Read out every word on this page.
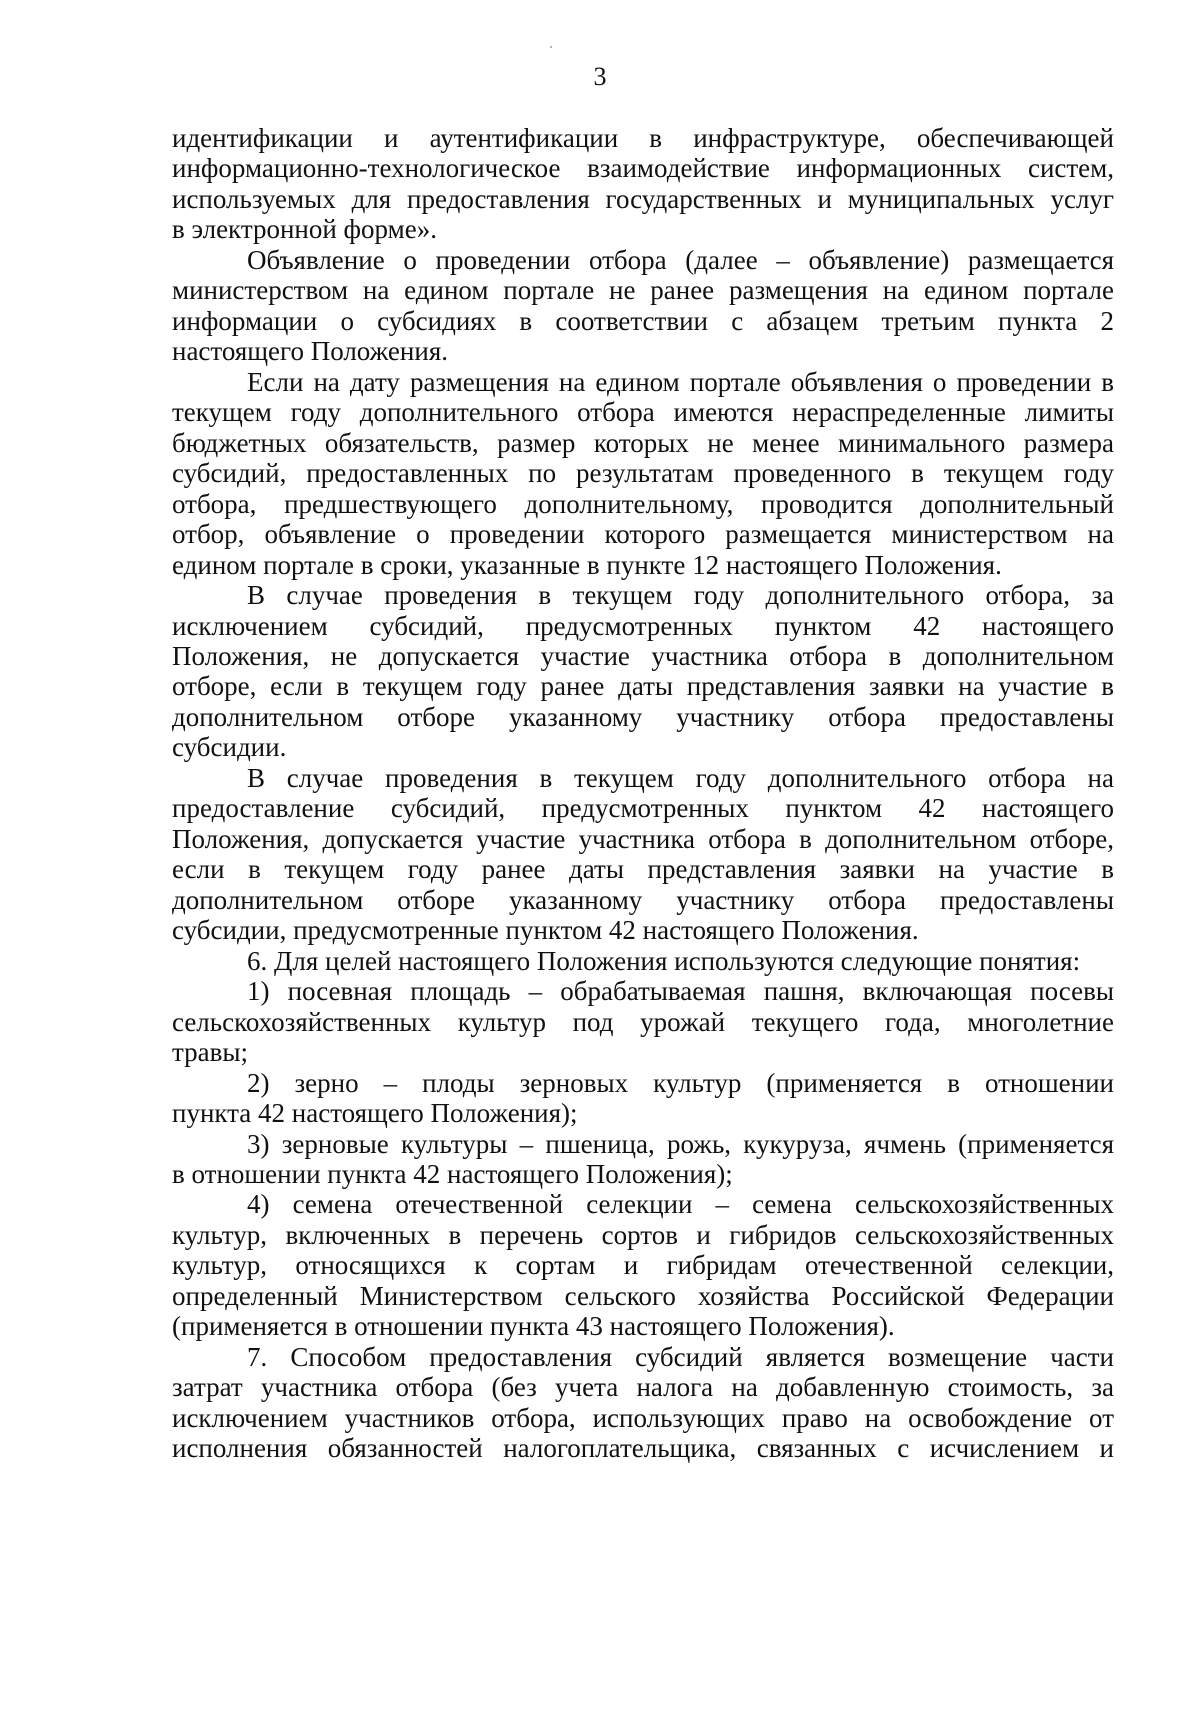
3
идентификации и аутентификации в инфраструктуре, обеспечивающей
информационно-технологическое взаимодействие информационных систем,
используемых для предоставления государственных и муниципальных услуг
в электронной форме».
Объявление о проведении отбора (далее – объявление) размещается
министерством на едином портале не ранее размещения на едином портале
информации о субсидиях в соответствии с абзацем третьим пункта 2
настоящего Положения.
Если на дату размещения на едином портале объявления о проведении в
текущем году дополнительного отбора имеются нераспределенные лимиты
бюджетных обязательств, размер которых не менее минимального размера
субсидий, предоставленных по результатам проведенного в текущем году
отбора, предшествующего дополнительному, проводится дополнительный
отбор, объявление о проведении которого размещается министерством на
едином портале в сроки, указанные в пункте 12 настоящего Положения.
В случае проведения в текущем году дополнительного отбора, за
исключением субсидий, предусмотренных пунктом 42 настоящего
Положения, не допускается участие участника отбора в дополнительном
отборе, если в текущем году ранее даты представления заявки на участие в
дополнительном отборе указанному участнику отбора предоставлены
субсидии.
В случае проведения в текущем году дополнительного отбора на
предоставление субсидий, предусмотренных пунктом 42 настоящего
Положения, допускается участие участника отбора в дополнительном отборе,
если в текущем году ранее даты представления заявки на участие в
дополнительном отборе указанному участнику отбора предоставлены
субсидии, предусмотренные пунктом 42 настоящего Положения.
6. Для целей настоящего Положения используются следующие понятия:
1) посевная площадь – обрабатываемая пашня, включающая посевы
сельскохозяйственных культур под урожай текущего года, многолетние
травы;
2) зерно – плоды зерновых культур (применяется в отношении
пункта 42 настоящего Положения);
3) зерновые культуры – пшеница, рожь, кукуруза, ячмень (применяется
в отношении пункта 42 настоящего Положения);
4) семена отечественной селекции – семена сельскохозяйственных
культур, включенных в перечень сортов и гибридов сельскохозяйственных
культур, относящихся к сортам и гибридам отечественной селекции,
определенный Министерством сельского хозяйства Российской Федерации
(применяется в отношении пункта 43 настоящего Положения).
7. Способом предоставления субсидий является возмещение части
затрат участника отбора (без учета налога на добавленную стоимость, за
исключением участников отбора, использующих право на освобождение от
исполнения обязанностей налогоплательщика, связанных с исчислением и
